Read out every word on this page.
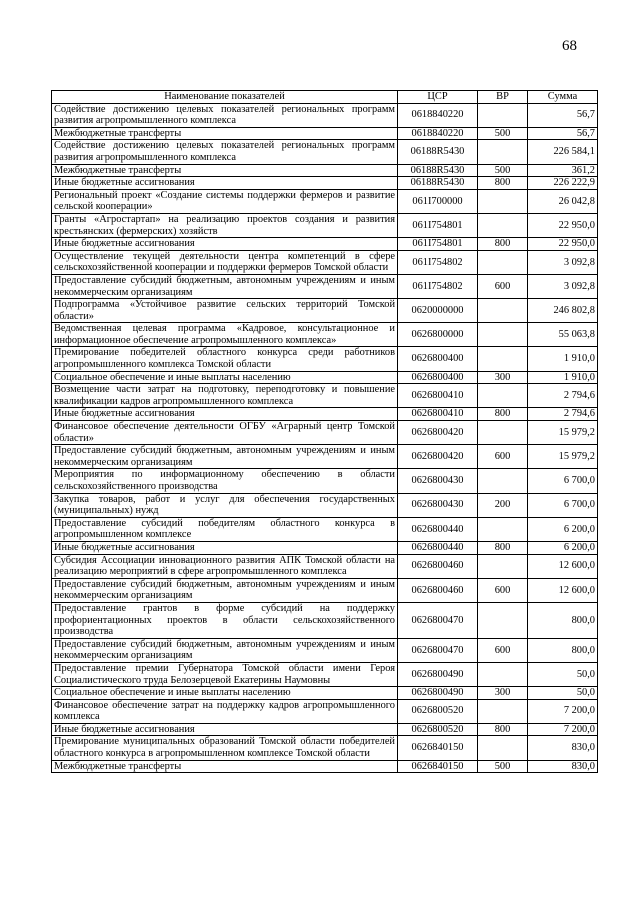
68
Наименование показателей	ЦСР	ВР	Сумма
Содействие достижению целевых показателей региональных программ развития агропромышленного комплекса	0618840220		56,7
Межбюджетные трансферты	0618840220	500	56,7
Содействие достижению целевых показателей региональных программ развития агропромышленного комплекса	06188R5430		226 584,1
Межбюджетные трансферты	06188R5430	500	361,2
Иные бюджетные ассигнования	06188R5430	800	226 222,9
Региональный проект «Создание системы поддержки фермеров и развитие сельской кооперации»	061I700000		26 042,8
Гранты «Агростартап» на реализацию проектов создания и развития крестьянских (фермерских) хозяйств	061I754801		22 950,0
Иные бюджетные ассигнования	061I754801	800	22 950,0
Осуществление текущей деятельности центра компетенций в сфере сельскохозяйственной кооперации и поддержки фермеров Томской области	061I754802		3 092,8
Предоставление субсидий бюджетным, автономным учреждениям и иным некоммерческим организациям	061I754802	600	3 092,8
Подпрограмма «Устойчивое развитие сельских территорий Томской области»	0620000000		246 802,8
Ведомственная целевая программа «Кадровое, консультационное и информационное обеспечение агропромышленного комплекса»	0626800000		55 063,8
Премирование победителей областного конкурса среди работников агропромышленного комплекса Томской области	0626800400		1 910,0
Социальное обеспечение и иные выплаты населению	0626800400	300	1 910,0
Возмещение части затрат на подготовку, переподготовку и повышение квалификации кадров агропромышленного комплекса	0626800410		2 794,6
Иные бюджетные ассигнования	0626800410	800	2 794,6
Финансовое обеспечение деятельности ОГБУ «Аграрный центр Томской области»	0626800420		15 979,2
Предоставление субсидий бюджетным, автономным учреждениям и иным некоммерческим организациям	0626800420	600	15 979,2
Мероприятия по информационному обеспечению в области сельскохозяйственного производства	0626800430		6 700,0
Закупка товаров, работ и услуг для обеспечения государственных (муниципальных) нужд	0626800430	200	6 700,0
Предоставление субсидий победителям областного конкурса в агропромышленном комплексе	0626800440		6 200,0
Иные бюджетные ассигнования	0626800440	800	6 200,0
Субсидия Ассоциации инновационного развития АПК Томской области на реализацию мероприятий в сфере агропромышленного комплекса	0626800460		12 600,0
Предоставление субсидий бюджетным, автономным учреждениям и иным некоммерческим организациям	0626800460	600	12 600,0
Предоставление грантов в форме субсидий на поддержку профориентационных проектов в области сельскохозяйственного производства	0626800470		800,0
Предоставление субсидий бюджетным, автономным учреждениям и иным некоммерческим организациям	0626800470	600	800,0
Предоставление премии Губернатора Томской области имени Героя Социалистического труда Белозерцевой Екатерины Наумовны	0626800490		50,0
Социальное обеспечение и иные выплаты населению	0626800490	300	50,0
Финансовое обеспечение затрат на поддержку кадров агропромышленного комплекса	0626800520		7 200,0
Иные бюджетные ассигнования	0626800520	800	7 200,0
Премирование муниципальных образований Томской области победителей областного конкурса в агропромышленном комплексе Томской области	0626840150		830,0
Межбюджетные трансферты	0626840150	500	830,0
